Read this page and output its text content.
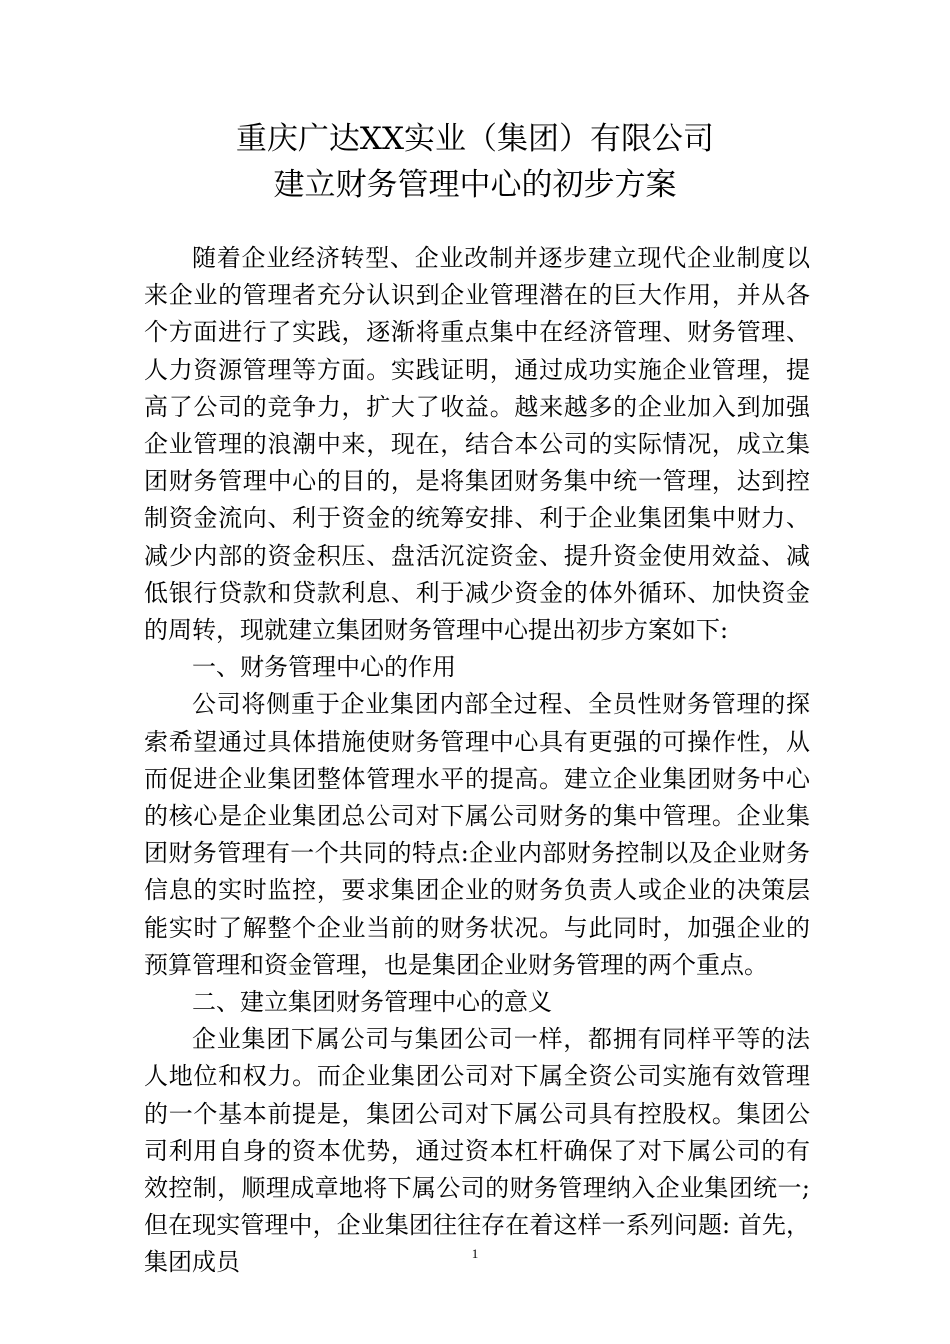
重庆广达XX实业（集团）有限公司
建立财务管理中心的初步方案

随着企业经济转型、企业改制并逐步建立现代企业制度以来企业的管理者充分认识到企业管理潜在的巨大作用，并从各个方面进行了实践，逐渐将重点集中在经济管理、财务管理、人力资源管理等方面。实践证明，通过成功实施企业管理，提高了公司的竞争力，扩大了收益。越来越多的企业加入到加强企业管理的浪潮中来，现在，结合本公司的实际情况，成立集团财务管理中心的目的，是将集团财务集中统一管理，达到控制资金流向、利于资金的统筹安排、利于企业集团集中财力、减少内部的资金积压、盘活沉淀资金、提升资金使用效益、减低银行贷款和贷款利息、利于减少资金的体外循环、加快资金的周转，现就建立集团财务管理中心提出初步方案如下:

一、财务管理中心的作用

公司将侧重于企业集团内部全过程、全员性财务管理的探索希望通过具体措施使财务管理中心具有更强的可操作性，从而促进企业集团整体管理水平的提高。建立企业集团财务中心的核心是企业集团总公司对下属公司财务的集中管理。企业集团财务管理有一个共同的特点:企业内部财务控制以及企业财务信息的实时监控，要求集团企业的财务负责人或企业的决策层能实时了解整个企业当前的财务状况。与此同时，加强企业的预算管理和资金管理，也是集团企业财务管理的两个重点。

二、建立集团财务管理中心的意义

企业集团下属公司与集团公司一样，都拥有同样平等的法人地位和权力。而企业集团公司对下属全资公司实施有效管理的一个基本前提是，集团公司对下属公司具有控股权。集团公司利用自身的资本优势，通过资本杠杆确保了对下属公司的有效控制，顺理成章地将下属公司的财务管理纳入企业集团统一;但在现实管理中，企业集团往往存在着这样一系列问题: 首先，集团成员	1
